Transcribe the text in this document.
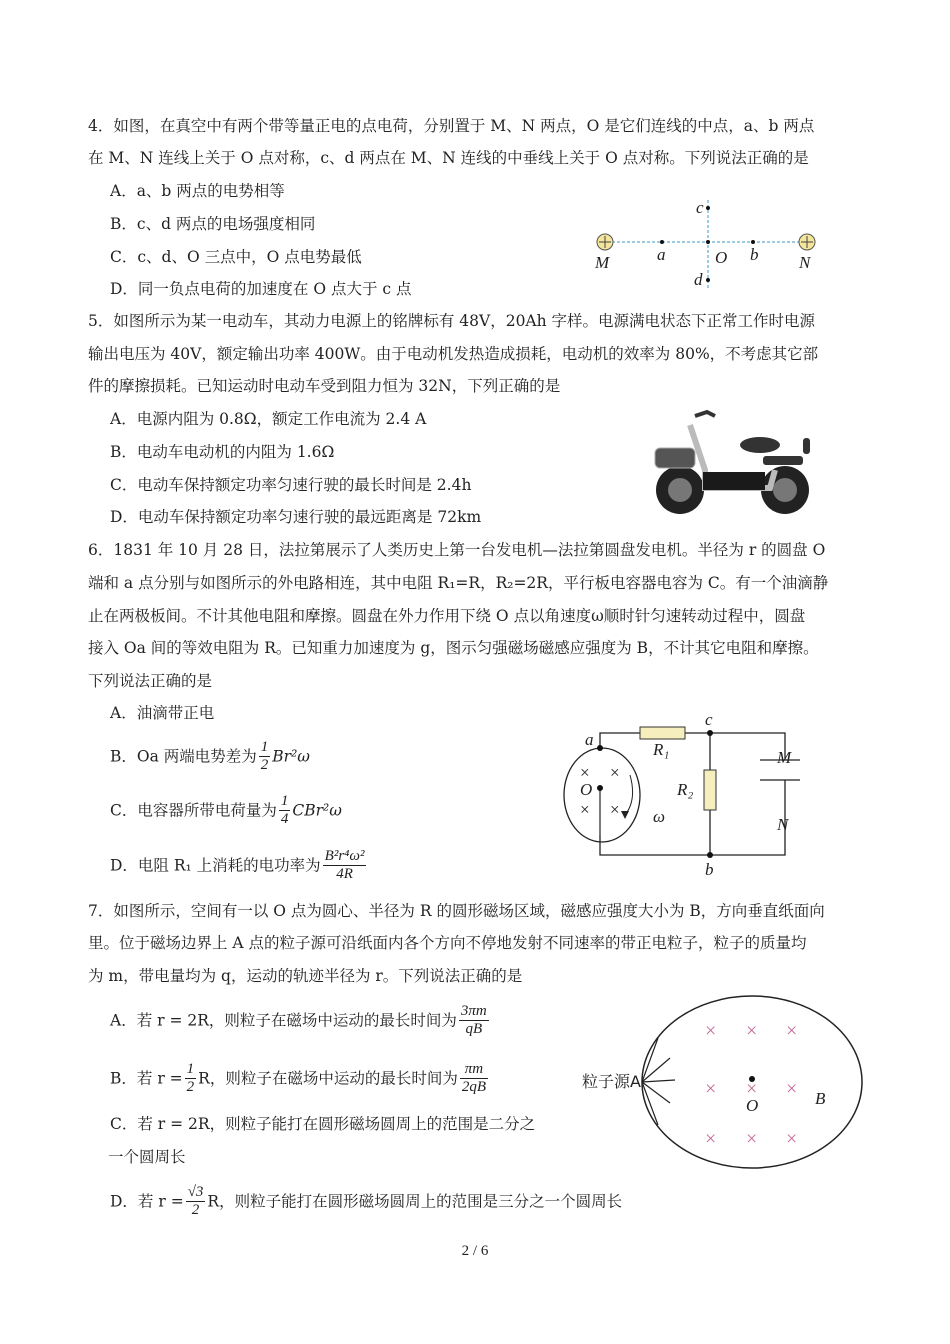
4．如图，在真空中有两个带等量正电的点电荷，分别置于 M、N 两点，O 是它们连线的中点，a、b 两点
在 M、N 连线上关于 O 点对称，c、d 两点在 M、N 连线的中垂线上关于 O 点对称。下列说法正确的是
A．a、b 两点的电势相等
B．c、d 两点的电场强度相同
C．c、d、O 三点中，O 点电势最低
D．同一负点电荷的加速度在 O 点大于 c 点
M	N
a	b
O
c
d
5．如图所示为某一电动车，其动力电源上的铭牌标有 48V，20Ah 字样。电源满电状态下正常工作时电源
输出电压为 40V，额定输出功率 400W。由于电动机发热造成损耗，电动机的效率为 80%，不考虑其它部
件的摩擦损耗。已知运动时电动车受到阻力恒为 32N，下列正确的是
A．电源内阻为 0.8Ω，额定工作电流为 2.4 A
B．电动车电动机的内阻为 1.6Ω
C．电动车保持额定功率匀速行驶的最长时间是 2.4h
D．电动车保持额定功率匀速行驶的最远距离是 72km
6．1831 年 10 月 28 日，法拉第展示了人类历史上第一台发电机—法拉第圆盘发电机。半径为 r 的圆盘 O
端和 a 点分别与如图所示的外电路相连，其中电阻 R₁=R，R₂=2R，平行板电容器电容为 C。有一个油滴静
止在两极板间。不计其他电阻和摩擦。圆盘在外力作用下绕 O 点以角速度ω顺时针匀速转动过程中，圆盘
接入 Oa 间的等效电阻为 R。已知重力加速度为 g，图示匀强磁场磁感应强度为 B，不计其它电阻和摩擦。
下列说法正确的是
A．油滴带正电
B．Oa 两端电势差为 $\frac{1}{2} Br^2\omega$
C．电容器所带电荷量为 $\frac{1}{4} CBr^2\omega$
D．电阻 R₁ 上消耗的电功率为 $\frac{\text{B²r⁴ω²}}{4R}$
a
c
b
O
R₁
R₂
M
N
ω
× ×
× ×
7．如图所示，空间有一以 O 点为圆心、半径为 R 的圆形磁场区域，磁感应强度大小为 B，方向垂直纸面向
里。位于磁场边界上 A 点的粒子源可沿纸面内各个方向不停地发射不同速率的带正电粒子，粒子的质量均
为 m，带电量均为 q，运动的轨迹半径为 r。下列说法正确的是
A．若 r = 2R，则粒子在磁场中运动的最长时间为 $\frac{3\pi m}{qB}$
B．若 $r = \frac{1}{2}$ R，则粒子在磁场中运动的最长时间为 $\frac{\pi m}{2qB}$
C．若 r = 2R，则粒子能打在圆形磁场圆周上的范围是二分之
一个圆周长
D．若 $r = \frac{√3}{2}$ R，则粒子能打在圆形磁场圆周上的范围是三分之一个圆周长
粒子源A
O	B
× × ×
× × ×
× × ×
2 / 6
